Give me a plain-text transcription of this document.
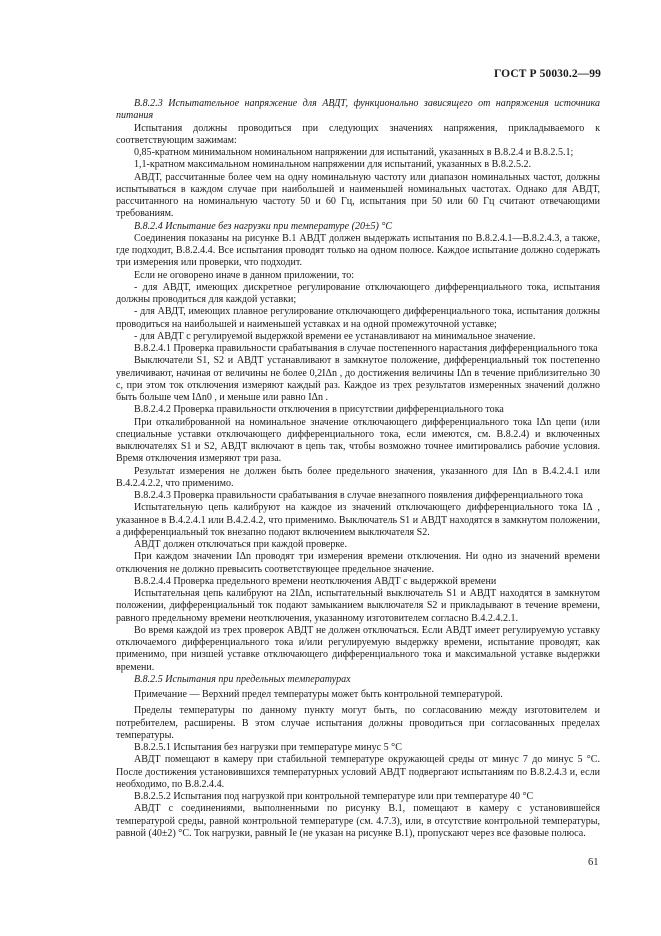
ГОСТ Р 50030.2—99

В.8.2.3 Испытательное напряжение для АВДТ, функционально зависящего от напряжения источника питания

Испытания должны проводиться при следующих значениях напряжения, прикладываемого к соответствующим зажимам:

0,85-кратном минимальном номинальном напряжении для испытаний, указанных в В.8.2.4 и В.8.2.5.1;

1,1-кратном максимальном номинальном напряжении для испытаний, указанных в В.8.2.5.2.

АВДТ, рассчитанные более чем на одну номинальную частоту или диапазон номинальных частот, должны испытываться в каждом случае при наибольшей и наименьшей номинальных частотах. Однако для АВДТ, рассчитанного на номинальную частоту 50 и 60 Гц, испытания при 50 или 60 Гц считают отвечающими требованиям.

В.8.2.4 Испытание без нагрузки при температуре (20±5) °С

Соединения показаны на рисунке В.1 АВДТ должен выдержать испытания по В.8.2.4.1—В.8.2.4.3, а также, где подходит, В.8.2.4.4. Все испытания проводят только на одном полюсе. Каждое испытание должно содержать три измерения или проверки, что подходит.

Если не оговорено иначе в данном приложении, то:

- для АВДТ, имеющих дискретное регулирование отключающего дифференциального тока, испытания должны проводиться для каждой уставки;

- для АВДТ, имеющих плавное регулирование отключающего дифференциального тока, испытания должны проводиться на наибольшей и наименьшей уставках и на одной промежуточной уставке;

- для АВДТ с регулируемой выдержкой времени ее устанавливают на минимальное значение.

В.8.2.4.1 Проверка правильности срабатывания в случае постепенного нарастания дифференциального тока

Выключатели S1, S2 и АВДТ устанавливают в замкнутое положение, дифференциальный ток постепенно увеличивают, начиная от величины не более 0,2IΔn , до достижения величины IΔn в течение приблизительно 30 с, при этом ток отключения измеряют каждый раз. Каждое из трех результатов измеренных значений должно быть больше чем IΔn0 , и меньше или равно IΔn .

В.8.2.4.2 Проверка правильности отключения в присутствии дифференциального тока

При откалиброванной на номинальное значение отключающего дифференциального тока IΔn цепи (или специальные уставки отключающего дифференциального тока, если имеются, см. В.8.2.4) и включенных выключателях S1 и S2, АВДТ включают в цепь так, чтобы возможно точнее имитировались рабочие условия. Время отключения измеряют три раза.

Результат измерения не должен быть более предельного значения, указанного для IΔn в В.4.2.4.1 или В.4.2.4.2.2, что применимо.

В.8.2.4.3 Проверка правильности срабатывания в случае внезапного появления дифференциального тока

Испытательную цепь калибруют на каждое из значений отключающего дифференциального тока IΔ , указанное в В.4.2.4.1 или В.4.2.4.2, что применимо. Выключатель S1 и АВДТ находятся в замкнутом положении, а дифференциальный ток внезапно подают включением выключателя S2.

АВДТ должен отключаться при каждой проверке.

При каждом значении IΔn проводят три измерения времени отключения. Ни одно из значений времени отключения не должно превысить соответствующее предельное значение.

В.8.2.4.4 Проверка предельного времени неотключения АВДТ с выдержкой времени

Испытательная цепь калибруют на 2IΔn, испытательный выключатель S1 и АВДТ находятся в замкнутом положении, дифференциальный ток подают замыканием выключателя S2 и прикладывают в течение времени, равного предельному времени неотключения, указанному изготовителем согласно В.4.2.4.2.1.

Во время каждой из трех проверок АВДТ не должен отключаться. Если АВДТ имеет регулируемую уставку отключаемого дифференциального тока и/или регулируемую выдержку времени, испытание проводят, как применимо, при низшей уставке отключающего дифференциального тока и максимальной уставке выдержки времени.

В.8.2.5 Испытания при предельных температурах

Примечание — Верхний предел температуры может быть контрольной температурой.

Пределы температуры по данному пункту могут быть, по согласованию между изготовителем и потребителем, расширены. В этом случае испытания должны проводиться при согласованных пределах температуры.

В.8.2.5.1 Испытания без нагрузки при температуре минус 5 °С

АВДТ помещают в камеру при стабильной температуре окружающей среды от минус 7 до минус 5 °С. После достижения установившихся температурных условий АВДТ подвергают испытаниям по В.8.2.4.3 и, если необходимо, по В.8.2.4.4.

В.8.2.5.2 Испытания под нагрузкой при контрольной температуре или при температуре 40 °С

АВДТ с соединениями, выполненными по рисунку В.1, помещают в камеру с установившейся температурой среды, равной контрольной температуре (см. 4.7.3), или, в отсутствие контрольной температуры, равной (40±2) °С. Ток нагрузки, равный Ie (не указан на рисунке В.1), пропускают через все фазовые полюса.

61
